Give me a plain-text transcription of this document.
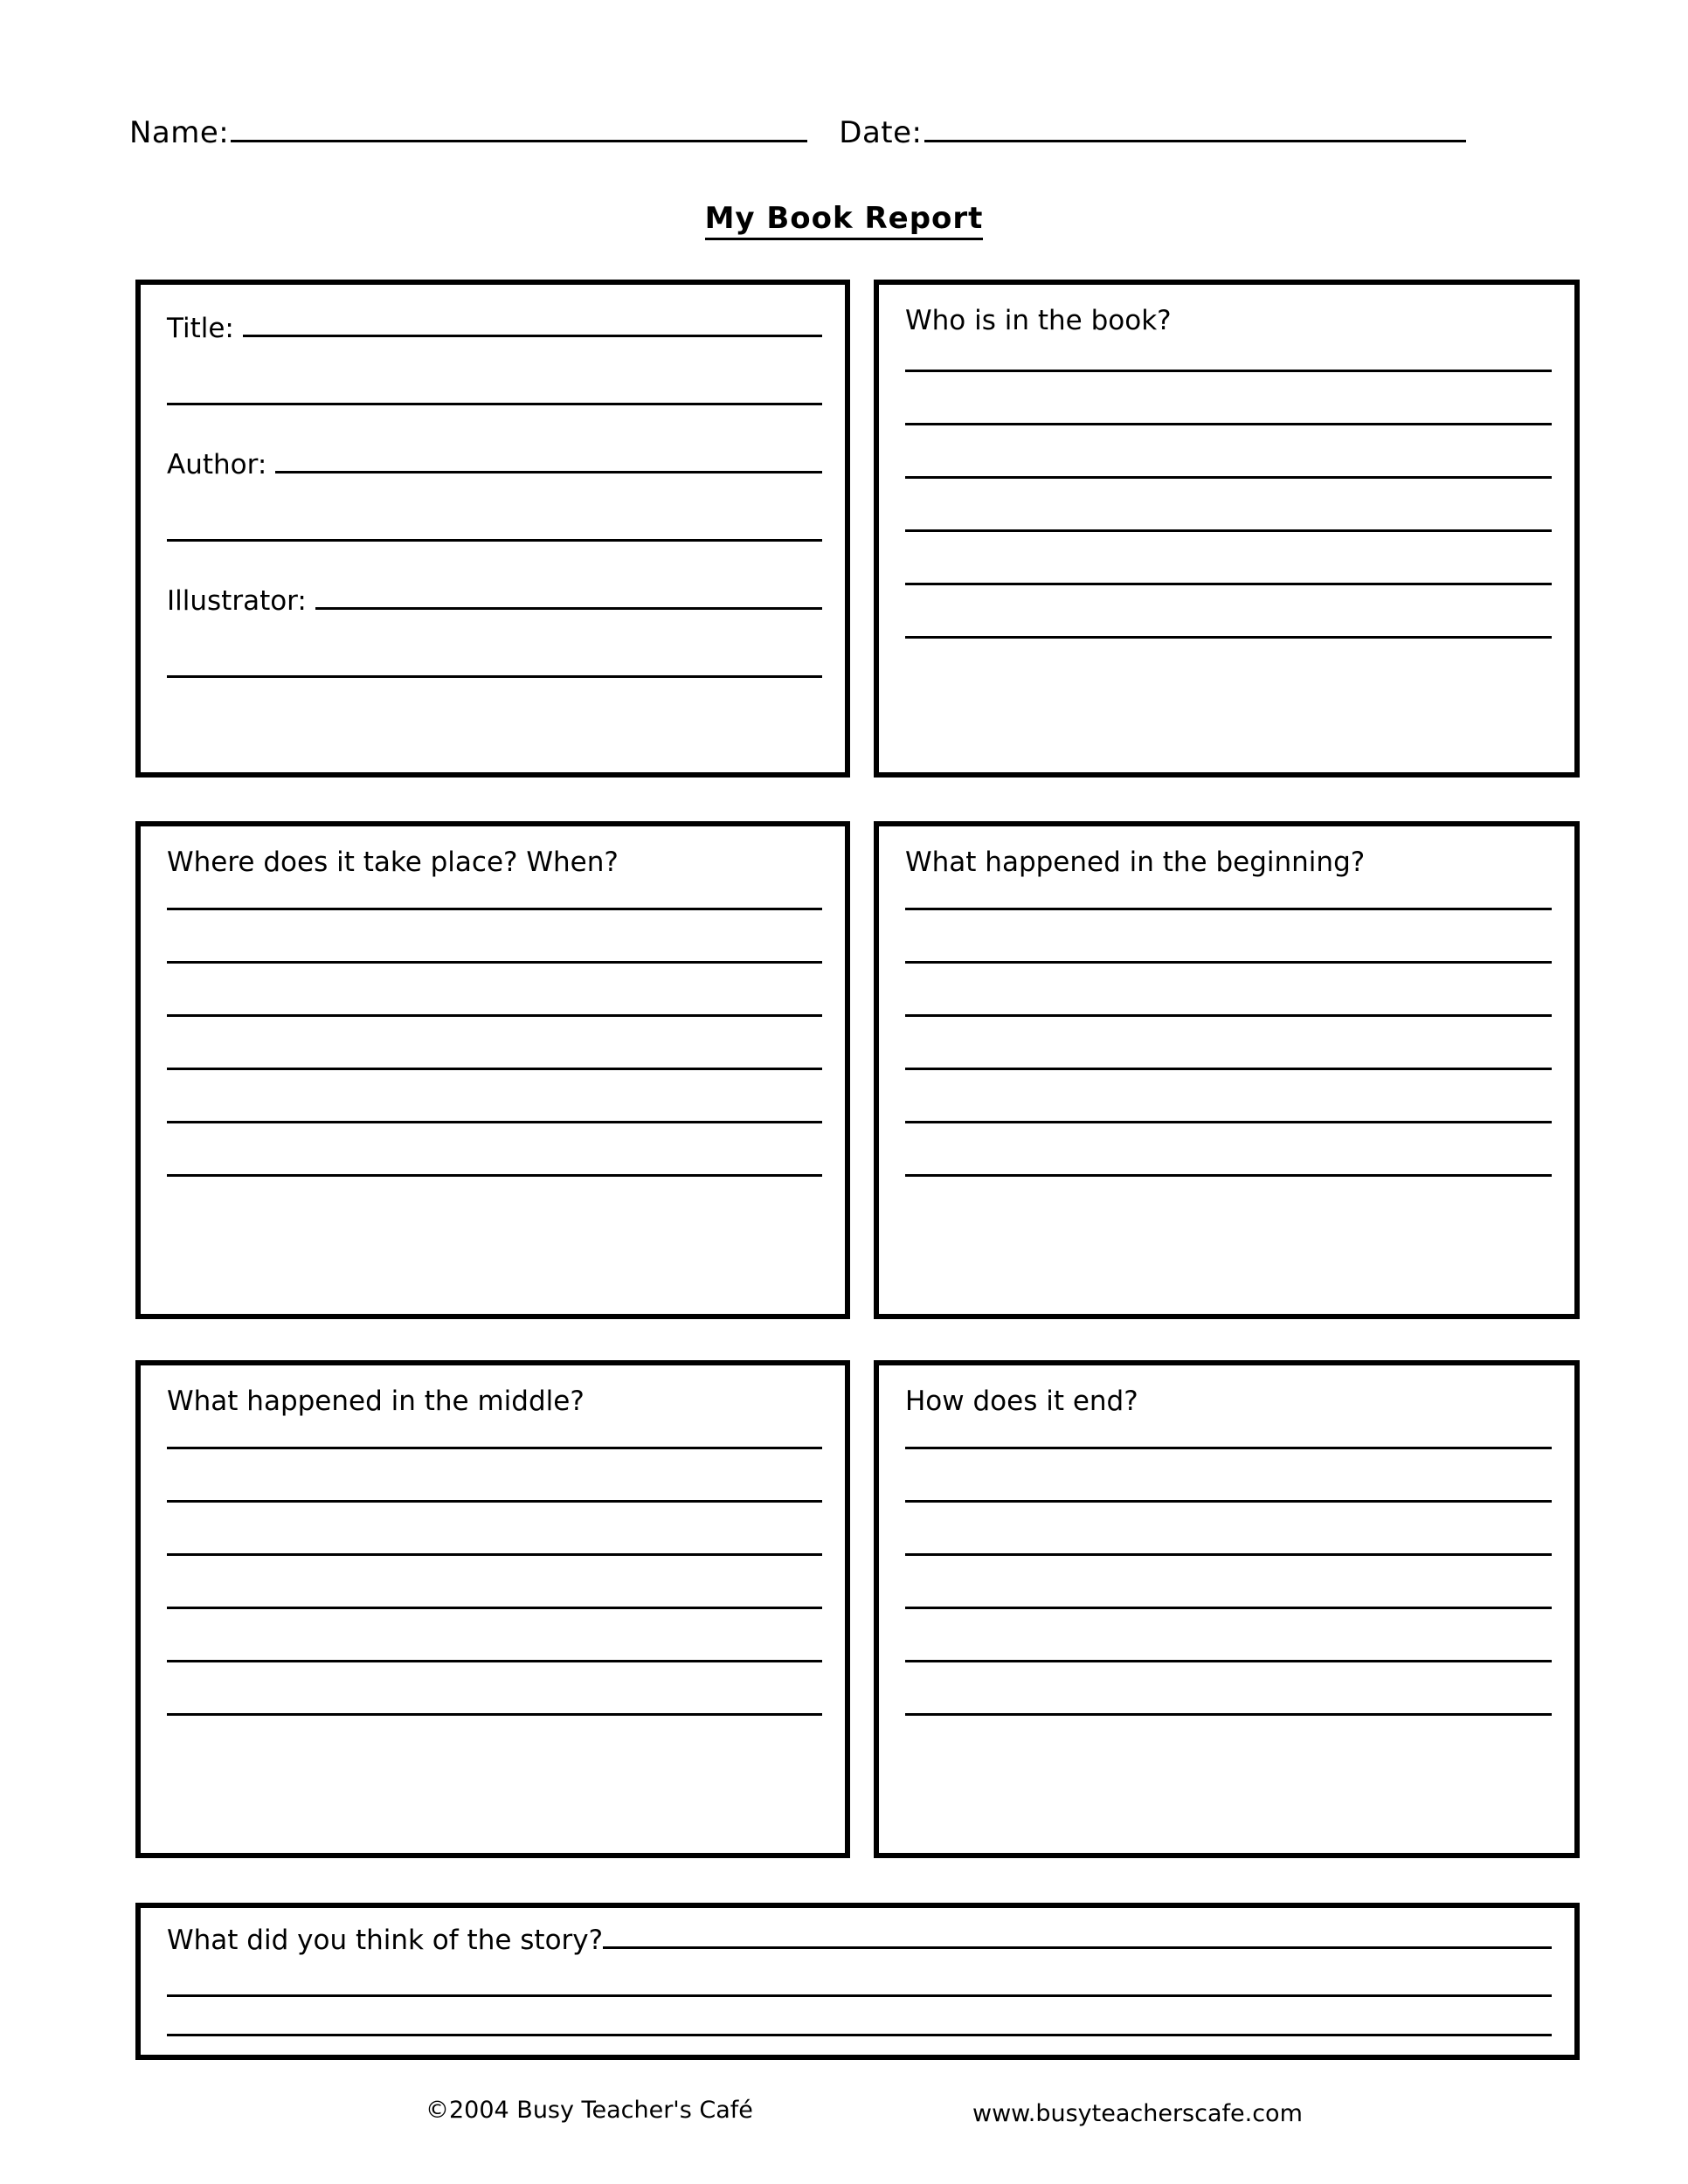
Name:	Date:
My Book Report
Title:
Author:
Illustrator:
Who is in the book?
Where does it take place? When?	What happened in the beginning?
What happened in the middle?	How does it end?
What did you think of the story?
©2004 Busy Teacher's Café	www.busyteacherscafe.com
